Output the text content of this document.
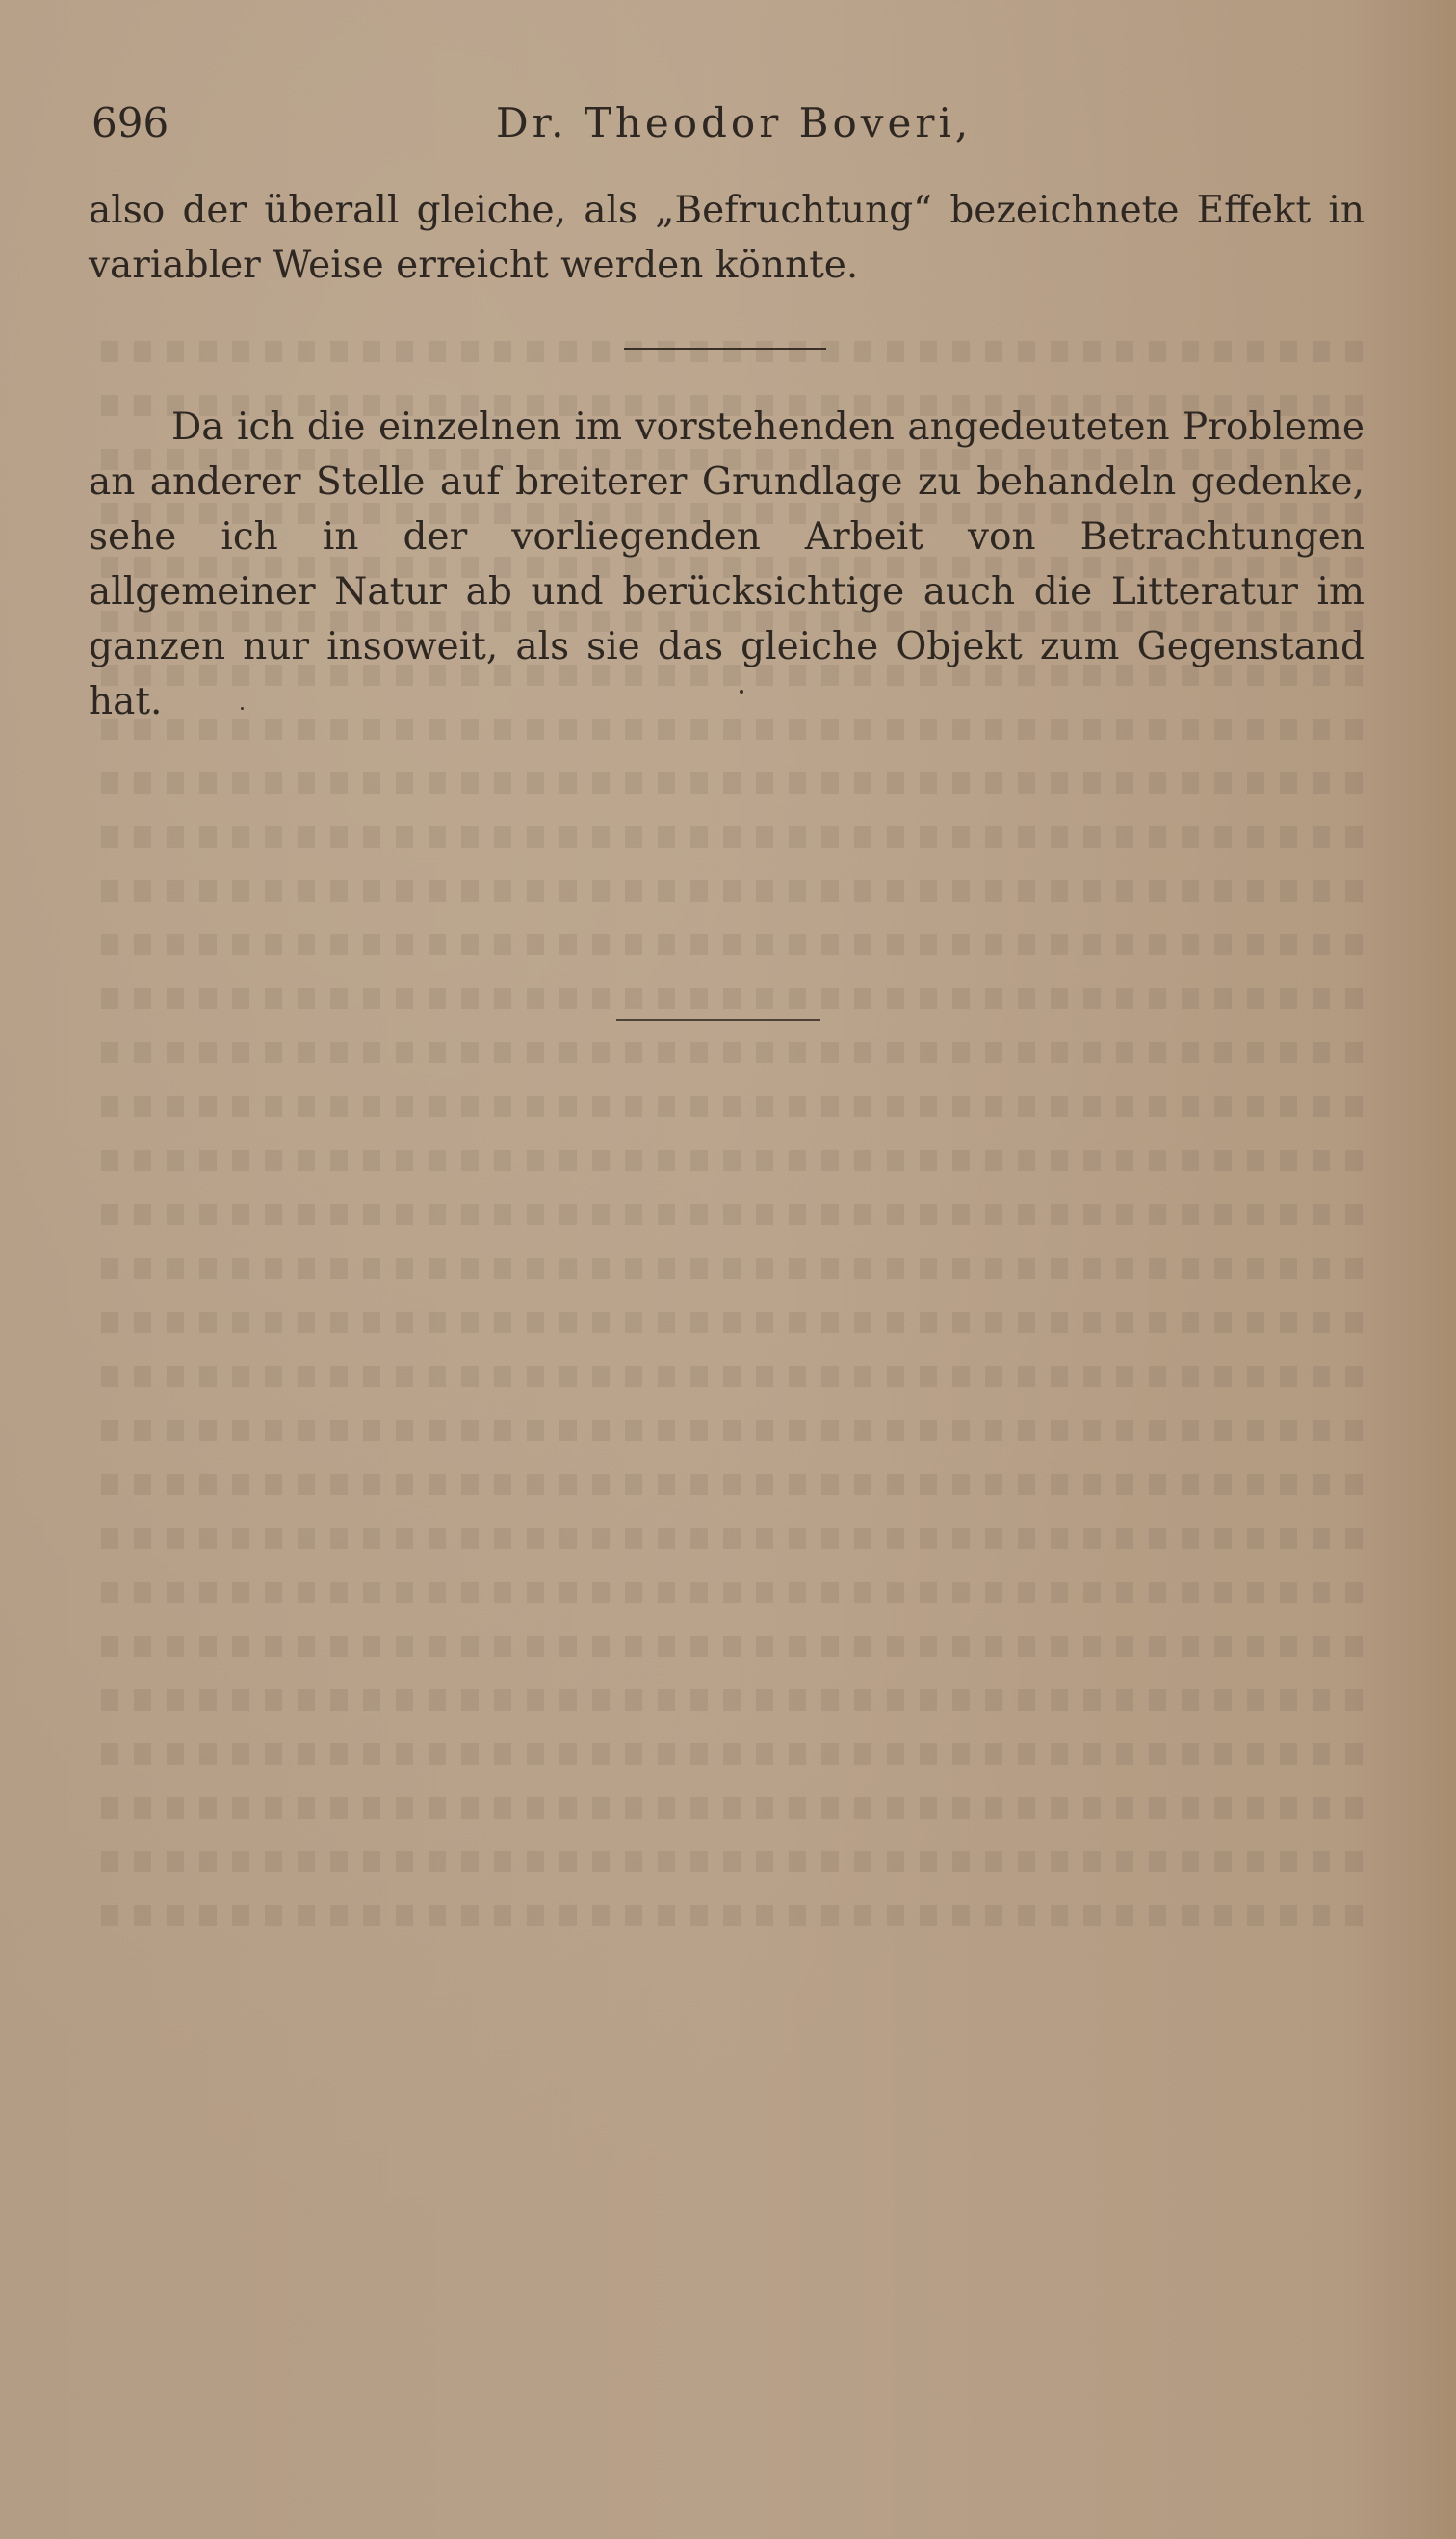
696	Dr. Theodor Boveri,

also der überall gleiche, als „Befruchtung“ bezeichnete Effekt in variabler Weise erreicht werden könnte.

Da ich die einzelnen im vorstehenden angedeuteten Probleme an anderer Stelle auf breiterer Grundlage zu behandeln gedenke, sehe ich in der vorliegenden Arbeit von Betrachtungen allgemeiner Natur ab und berücksichtige auch die Litteratur im ganzen nur insoweit, als sie das gleiche Objekt zum Gegenstand hat.
